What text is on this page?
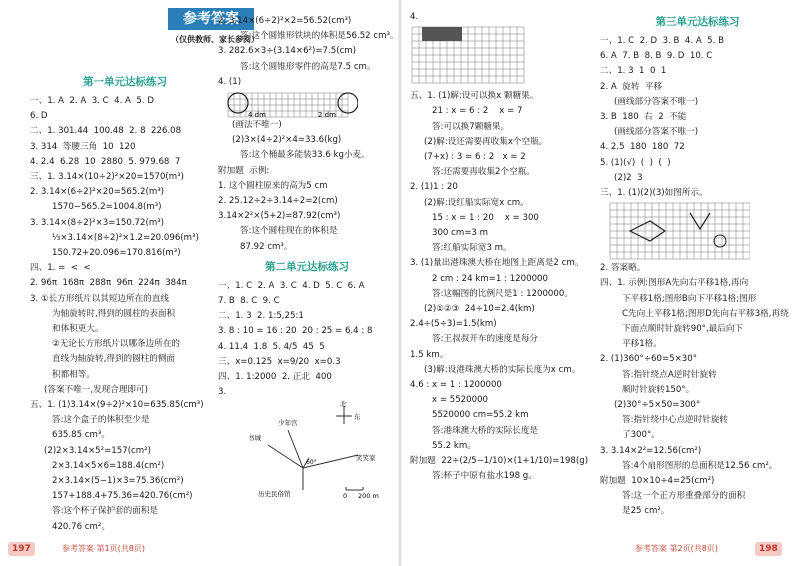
参考答案
（仅供教师、家长参阅）
第一单元达标练习
一、1. A  2. A  3. C  4. A  5. D
6. D
二、1. 301.44  100.48  2. 8  226.08
3. 314  等腰三角  10  120
4. 2.4  6.28  10  2880  5. 979.68  7
三、1. 3.14×(10÷2)²×20=1570(m³)
2. 3.14×(6÷2)²×20=565.2(m³)
1570−565.2=1004.8(m³)
3. 3.14×(8÷2)²×3=150.72(m³)
⅓×3.14×(8÷2)²×1.2=20.096(m³)
150.72+20.096=170.816(m³)
四、1. =  <  <
2. 96π  168π  288π  96π  224π  384π
3. ①长方形纸片以其短边所在的直线
为轴旋转时,得到的圆柱的表面积
和体积更大。
②无论长方形纸片以哪条边所在的
直线为轴旋转,得到的圆柱的侧面
积都相等。
(答案不唯一,发现合理即可)
五、1. (1)3.14×(9÷2)²×10=635.85(cm³)
答:这个盒子的体积至少是
635.85 cm³。
(2)2×3.14×5²=157(cm²)
2×3.14×5×6=188.4(cm²)
2×3.14×(5−1)×3=75.36(cm²)
157+188.4+75.36=420.76(cm²)
答:这个杯子保护套的面积是
420.76 cm²。
2. 3.14×(6÷2)²×2=56.52(cm³)
答:这个圆锥形铁块的体积是56.52 cm³。
3. 282.6×3÷(3.14×6²)=7.5(cm)
答:这个圆锥形零件的高是7.5 cm。
4. (1)
4 dm	2 dm
(画法不唯一)
(2)3×(4÷2)²×4=33.6(kg)
答:这个桶最多能装33.6 kg小麦。
附加题  示例:
1. 这个圆柱原来的高为5 cm
2. 25.12÷2÷3.14÷2=2(cm)
3.14×2²×(5+2)=87.92(cm³)
答:这个圆柱现在的体积是
87.92 cm³。
第二单元达标练习
一、1. C  2. A  3. C  4. D  5. C  6. A
7. B  8. C  9. C
二、1. 3  2. 1:5,25:1
3. 8 : 10 = 16 : 20  20 : 25 = 6.4 : 8
4. 11.4  1.8  5. 4/5  45  5
三、x=0.125  x=9/20  x=0.3
四、1. 1:2000  2. 正北  400
3.
书城
少年宫
笑笑家
历史民俗馆
60°
北
东
0 200 m
197	参考答案 第1页(共8页)
4.
五、1. (1)解:设可以换x 颗糖果。
21 : x = 6 : 2    x = 7
答:可以换7颗糖果。
(2)解:设还需要再收集x个空瓶。
(7+x) : 3 = 6 : 2   x = 2
答:还需要再收集2个空瓶。
2. (1)1 : 20
(2)解:设红船实际宽x cm。
15 : x = 1 : 20    x = 300
300 cm=3 m
答:红船实际宽3 m。
3. (1)量出港珠澳大桥在地图上距离是2 cm。
2 cm : 24 km=1 : 1200000
答:这幅图的比例尺是1 : 1200000。
(2)①②③  24÷10=2.4(km)
2.4÷(5÷3)=1.5(km)
答:王叔叔开车的速度是每分
1.5 km。
(3)解:设港珠澳大桥的实际长度为x cm。
4.6 : x = 1 : 1200000
x = 5520000
5520000 cm=55.2 km
答:港珠澳大桥的实际长度是
55.2 km。
附加题  22÷(2/5−1/10)×(1+1/10)=198(g)
答:杯子中原有盐水198 g。
第三单元达标练习
一、1. C  2. D  3. B  4. A  5. B
6. A  7. B  8. B  9. D  10. C
二、1. 3  1  0  1
2. A  旋转  平移
(画线部分答案不唯一)
3. B  180  右  2  不能
(画线部分答案不唯一)
4. 2.5  180  180  72
5. (1)(√)  (  )  (  )
(2)2  3
三、1. (1)(2)(3)如图所示。
2. 答案略。
四、1. 示例:图形A先向右平移1格,再向
下平移1格;图形B向下平移1格;图形
C先向上平移1格;图形D先向右平移3格,再绕
下面点顺时针旋转90°,最后向下
平移1格。
2. (1)360°÷60=5×30°
答:指针绕点A逆时针旋转
顺时针旋转150°。
(2)30°÷5×50=300°
答:指针绕中心点逆时针旋转
了300°。
3. 3.14×2²=12.56(cm²)
答:4个扇形图形的总面积是12.56 cm²。
附加题  10×10÷4=25(cm²)
答:这一个正方形重叠部分的面积
是25 cm²。
参考答案 第2页(共8页)	198
